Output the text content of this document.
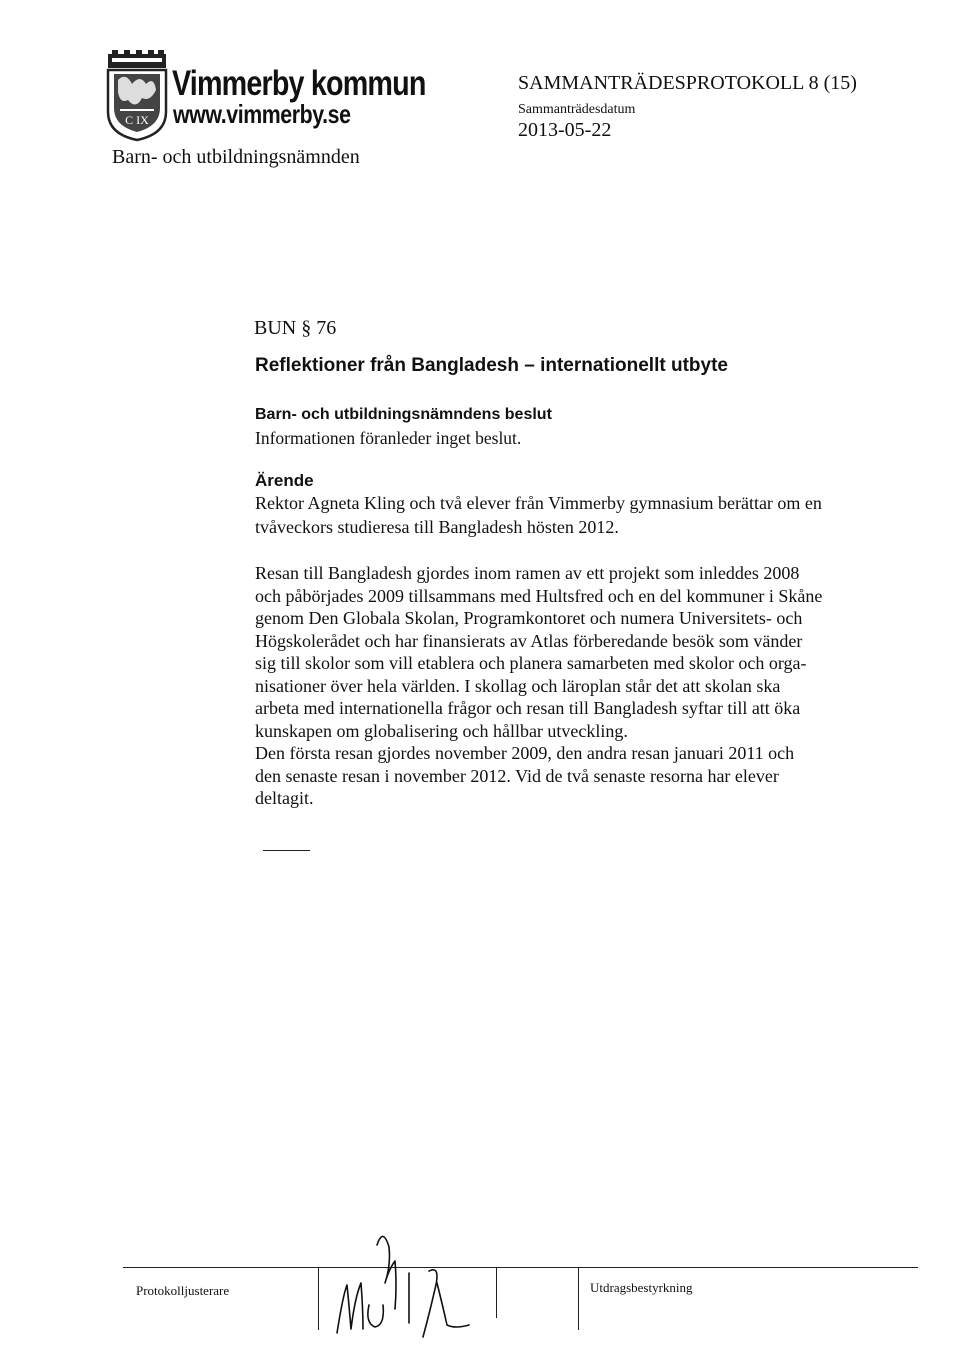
C IX
Vimmerby kommun
www.vimmerby.se
Barn- och utbildningsnämnden
SAMMANTRÄDESPROTOKOLL 8 (15)
Sammanträdesdatum
2013-05-22
BUN § 76
Reflektioner från Bangladesh – internationellt utbyte
Barn- och utbildningsnämndens beslut
Informationen föranleder inget beslut.
Ärende
Rektor Agneta Kling och två elever från Vimmerby gymnasium berättar om en tvåveckors studieresa till Bangladesh hösten 2012.
Resan till Bangladesh gjordes inom ramen av ett projekt som inleddes 2008
och påbörjades 2009 tillsammans med Hultsfred och en del kommuner i Skåne
genom Den Globala Skolan, Programkontoret och numera Universitets- och
Högskolerådet och har finansierats av Atlas förberedande besök som vänder
sig till skolor som vill etablera och planera samarbeten med skolor och orga-
nisationer över hela världen. I skollag och läroplan står det att skolan ska
arbeta med internationella frågor och resan till Bangladesh syftar till att öka
kunskapen om globalisering och hållbar utveckling.
Den första resan gjordes november 2009, den andra resan januari 2011 och
den senaste resan i november 2012. Vid de två senaste resorna har elever
deltagit.
Protokolljusterare	Utdragsbestyrkning
